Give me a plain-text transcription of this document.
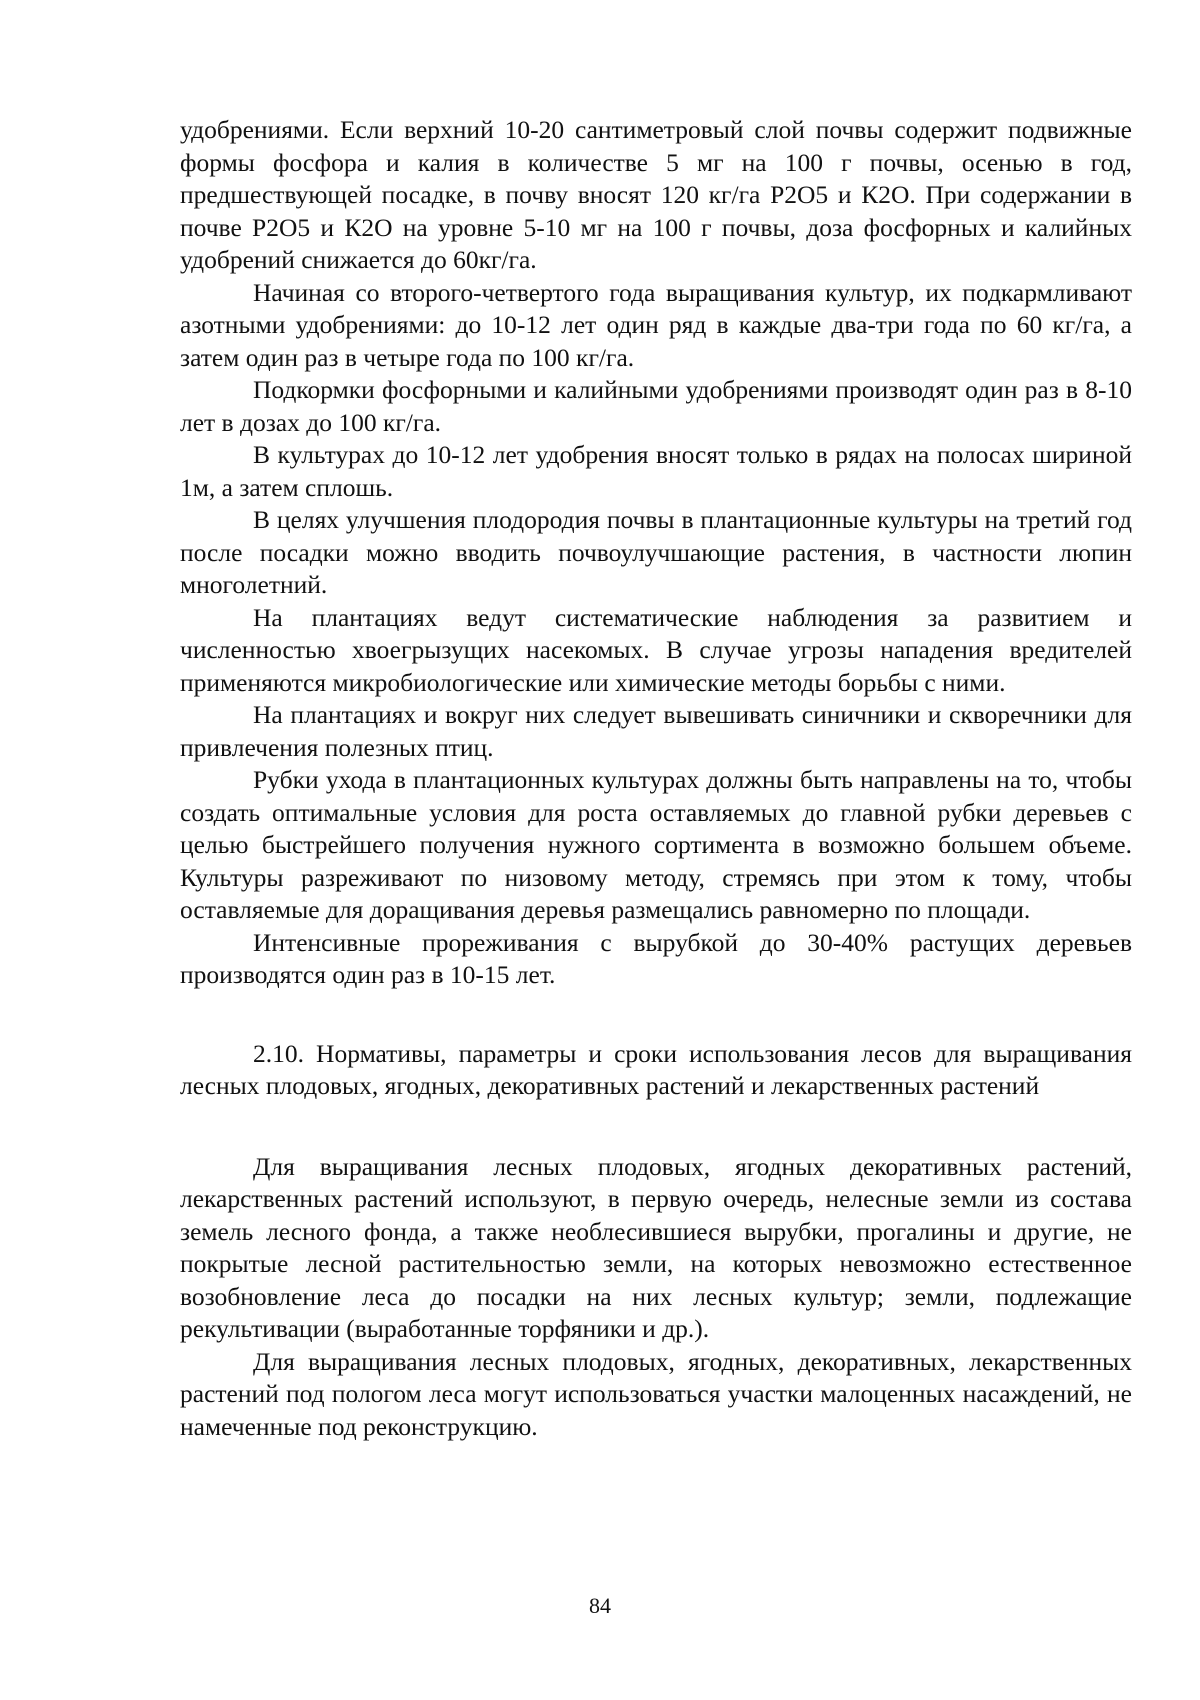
удобрениями. Если верхний 10-20 сантиметровый слой почвы содержит подвижные формы фосфора и калия в количестве 5 мг на 100 г почвы, осенью в год, предшествующей посадке, в почву вносят 120 кг/га Р2О5 и К2О. При содержании в почве Р2О5 и К2О на уровне 5-10 мг на 100 г почвы, доза фосфорных и калийных удобрений снижается до 60кг/га.

Начиная со второго-четвертого года выращивания культур, их подкармливают азотными удобрениями: до 10-12 лет один ряд в каждые два-три года по 60 кг/га, а затем один раз в четыре года по 100 кг/га.

Подкормки фосфорными и калийными удобрениями производят один раз в 8-10 лет в дозах до 100 кг/га.

В культурах до 10-12 лет удобрения вносят только в рядах на полосах шириной 1м, а затем сплошь.

В целях улучшения плодородия почвы в плантационные культуры на третий год после посадки можно вводить почвоулучшающие растения, в частности люпин многолетний.

На плантациях ведут систематические наблюдения за развитием и численностью хвоегрызущих насекомых. В случае угрозы нападения вредителей применяются микробиологические или химические методы борьбы с ними.

На плантациях и вокруг них следует вывешивать синичники и скворечники для привлечения полезных птиц.

Рубки ухода в плантационных культурах должны быть направлены на то, чтобы создать оптимальные условия для роста оставляемых до главной рубки деревьев с целью быстрейшего получения нужного сортимента в возможно большем объеме. Культуры разреживают по низовому методу, стремясь при этом к тому, чтобы оставляемые для доращивания деревья размещались равномерно по площади.

Интенсивные прореживания с вырубкой до 30-40% растущих деревьев производятся один раз в 10-15 лет.

2.10. Нормативы, параметры и сроки использования лесов для выращивания лесных плодовых, ягодных, декоративных растений и лекарственных растений

Для выращивания лесных плодовых, ягодных декоративных растений, лекарственных растений используют, в первую очередь, нелесные земли из состава земель лесного фонда, а также необлесившиеся вырубки, прогалины и другие, не покрытые лесной растительностью земли, на которых невозможно естественное возобновление леса до посадки на них лесных культур; земли, подлежащие рекультивации (выработанные торфяники и др.).

Для выращивания лесных плодовых, ягодных, декоративных, лекарственных растений под пологом леса могут использоваться участки малоценных насаждений, не намеченные под реконструкцию.

84
